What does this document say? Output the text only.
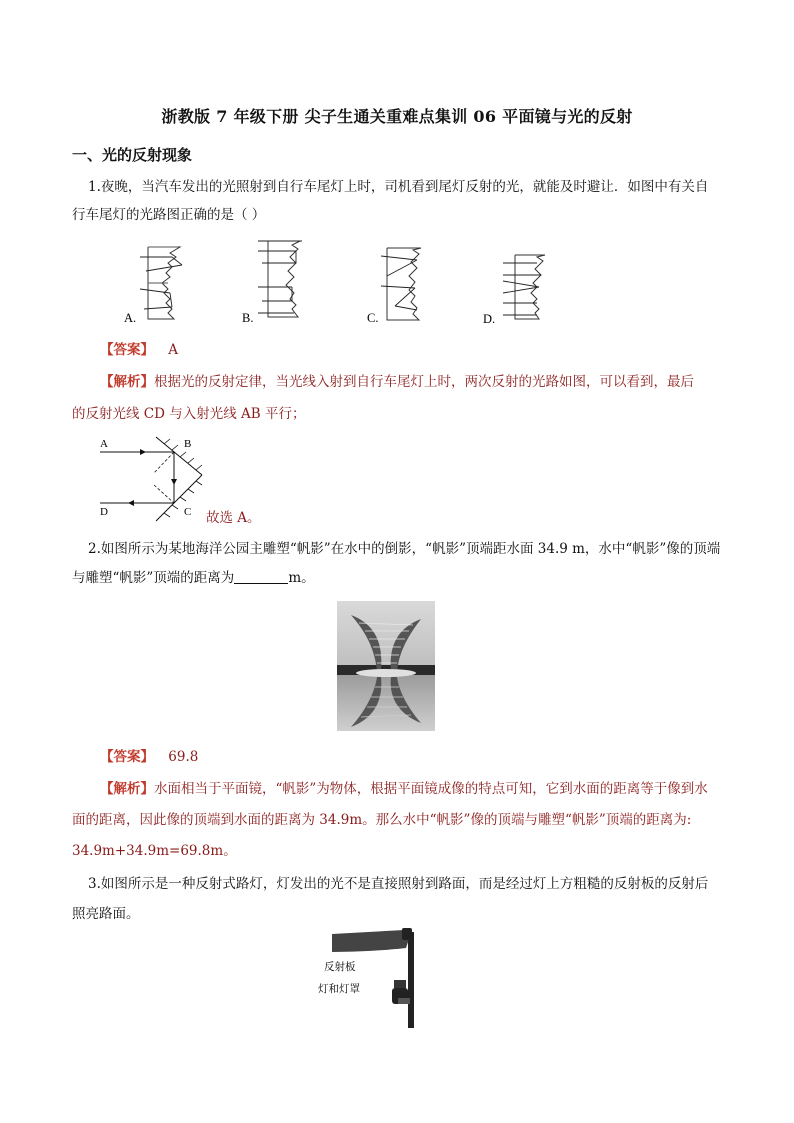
浙教版 7 年级下册 尖子生通关重难点集训 06 平面镜与光的反射
一、光的反射现象
1.夜晚，当汽车发出的光照射到自行车尾灯上时，司机看到尾灯反射的光，就能及时避让．如图中有关自
行车尾灯的光路图正确的是（ ）
A.	B.	C.	D.
【答案】 A
【解析】根据光的反射定律，当光线入射到自行车尾灯上时，两次反射的光路如图，可以看到，最后
的反射光线 CD 与入射光线 AB 平行；
A	B
D	C 故选 A。
2.如图所示为某地海洋公园主雕塑“帆影”在水中的倒影，“帆影”顶端距水面 34.9 m，水中“帆影”像的顶端
与雕塑“帆影”顶端的距离为	m。
【答案】 69.8
【解析】水面相当于平面镜，“帆影”为物体，根据平面镜成像的特点可知，它到水面的距离等于像到水
面的距离，因此像的顶端到水面的距离为 34.9m。那么水中“帆影”像的顶端与雕塑“帆影”顶端的距离为:
34.9m+34.9m=69.8m。
3.如图所示是一种反射式路灯，灯发出的光不是直接照射到路面，而是经过灯上方粗糙的反射板的反射后
照亮路面。
反射板
灯和灯罩
